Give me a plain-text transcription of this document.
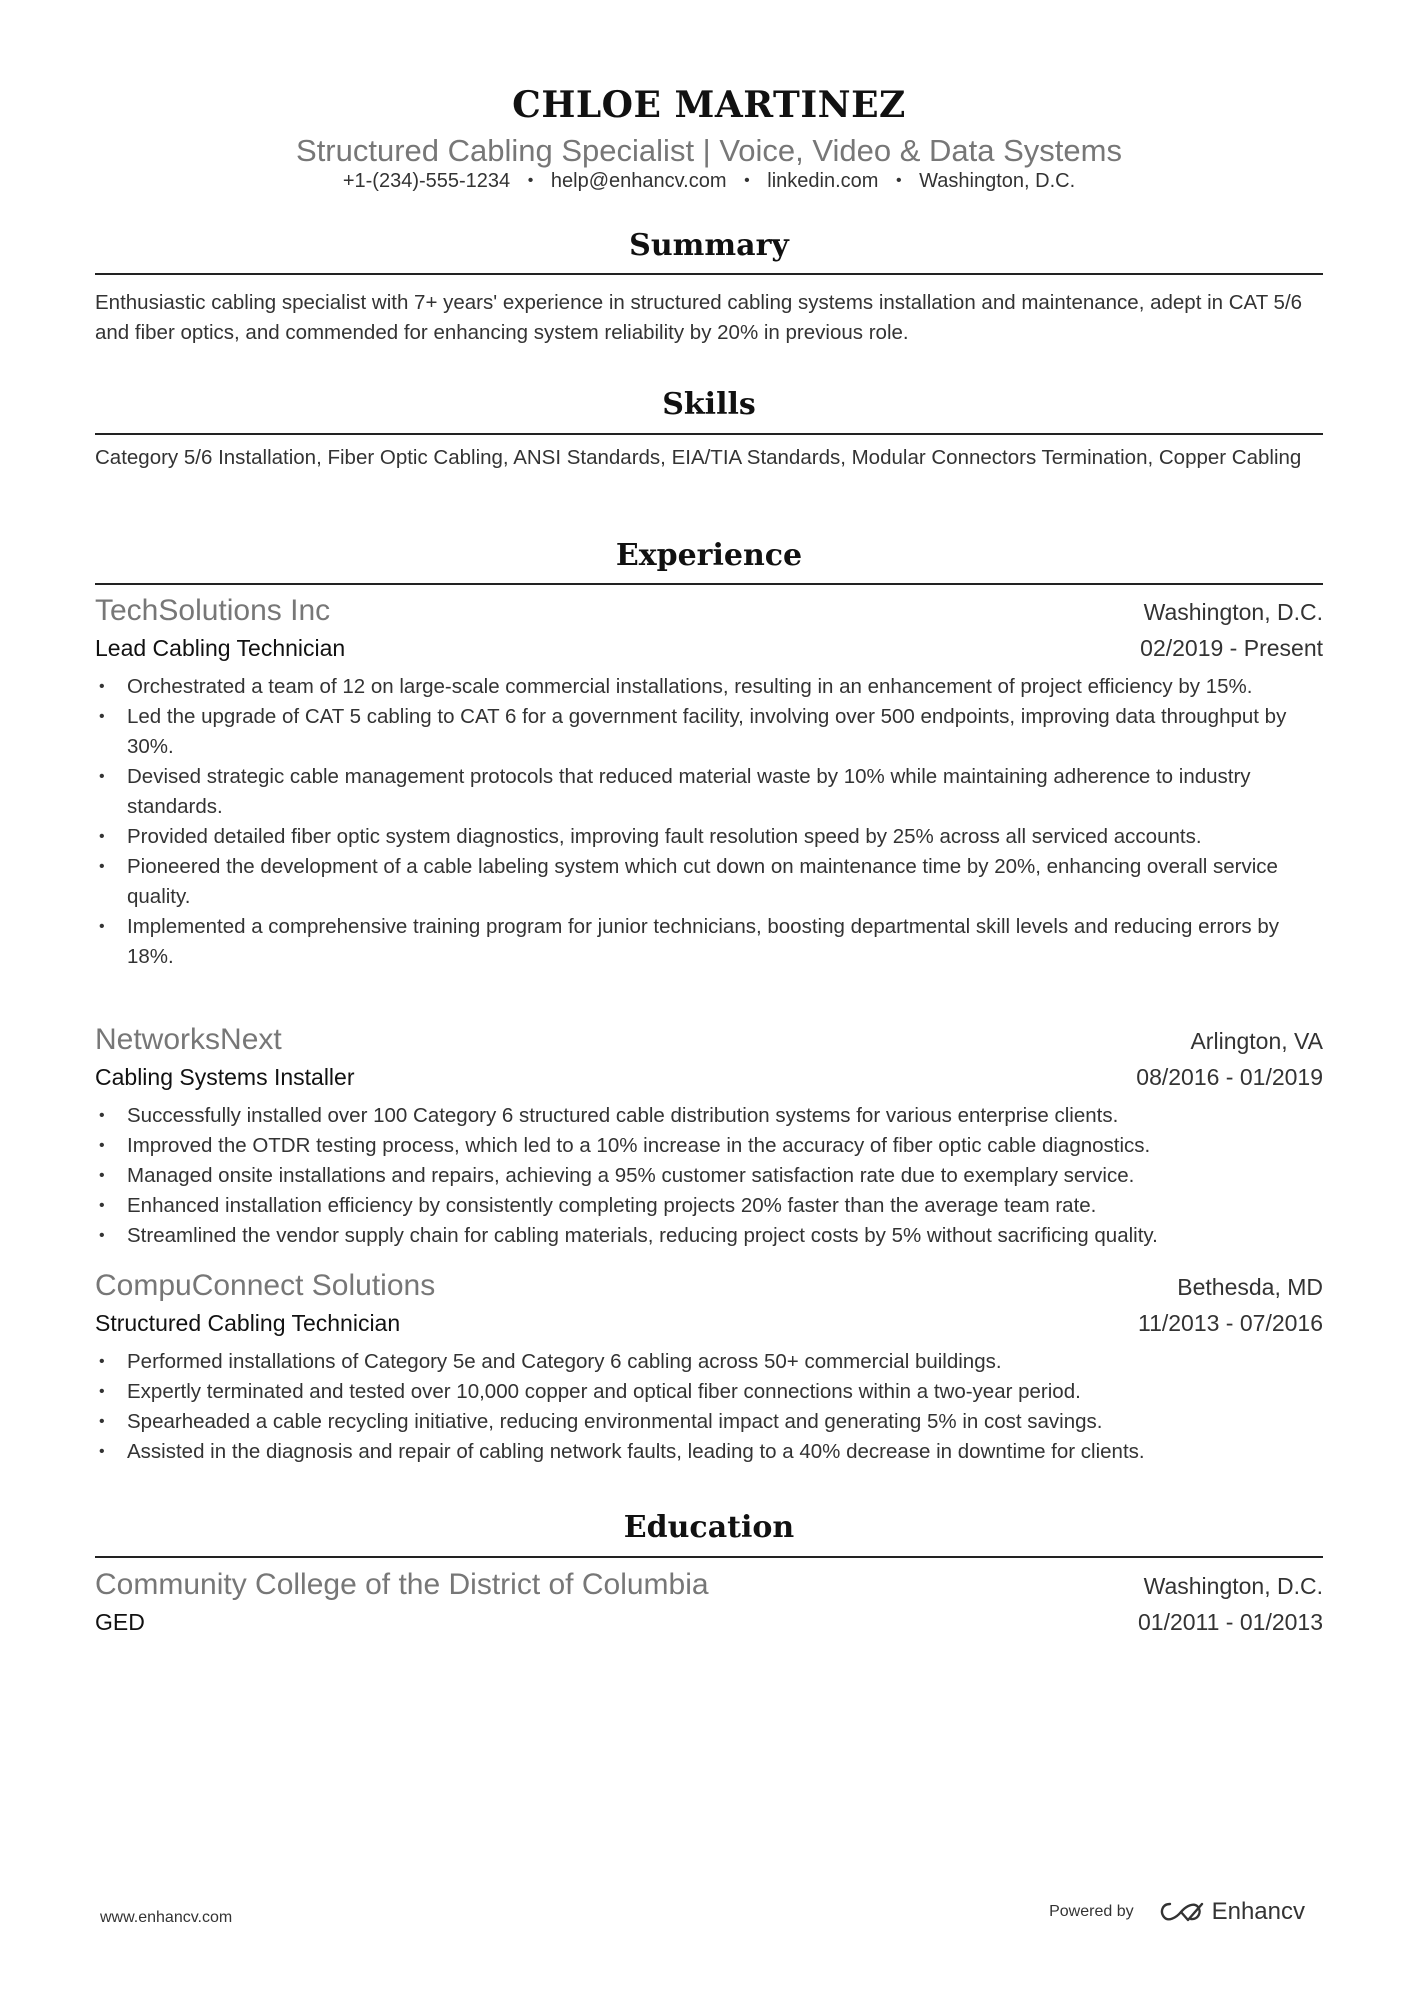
CHLOE MARTINEZ
Structured Cabling Specialist | Voice, Video & Data Systems
+1-(234)-555-1234 • help@enhancv.com • linkedin.com • Washington, D.C.
Summary
Enthusiastic cabling specialist with 7+ years' experience in structured cabling systems installation and maintenance, adept in CAT 5/6 and fiber optics, and commended for enhancing system reliability by 20% in previous role.
Skills
Category 5/6 Installation, Fiber Optic Cabling, ANSI Standards, EIA/TIA Standards, Modular Connectors Termination, Copper Cabling
Experience
TechSolutions Inc	Washington, D.C.
Lead Cabling Technician	02/2019 - Present
• Orchestrated a team of 12 on large-scale commercial installations, resulting in an enhancement of project efficiency by 15%.
• Led the upgrade of CAT 5 cabling to CAT 6 for a government facility, involving over 500 endpoints, improving data throughput by 30%.
• Devised strategic cable management protocols that reduced material waste by 10% while maintaining adherence to industry standards.
• Provided detailed fiber optic system diagnostics, improving fault resolution speed by 25% across all serviced accounts.
• Pioneered the development of a cable labeling system which cut down on maintenance time by 20%, enhancing overall service quality.
• Implemented a comprehensive training program for junior technicians, boosting departmental skill levels and reducing errors by 18%.
NetworksNext	Arlington, VA
Cabling Systems Installer	08/2016 - 01/2019
• Successfully installed over 100 Category 6 structured cable distribution systems for various enterprise clients.
• Improved the OTDR testing process, which led to a 10% increase in the accuracy of fiber optic cable diagnostics.
• Managed onsite installations and repairs, achieving a 95% customer satisfaction rate due to exemplary service.
• Enhanced installation efficiency by consistently completing projects 20% faster than the average team rate.
• Streamlined the vendor supply chain for cabling materials, reducing project costs by 5% without sacrificing quality.
CompuConnect Solutions	Bethesda, MD
Structured Cabling Technician	11/2013 - 07/2016
• Performed installations of Category 5e and Category 6 cabling across 50+ commercial buildings.
• Expertly terminated and tested over 10,000 copper and optical fiber connections within a two-year period.
• Spearheaded a cable recycling initiative, reducing environmental impact and generating 5% in cost savings.
• Assisted in the diagnosis and repair of cabling network faults, leading to a 40% decrease in downtime for clients.
Education
Community College of the District of Columbia	Washington, D.C.
GED	01/2011 - 01/2013
www.enhancv.com	Powered by	Enhancv
